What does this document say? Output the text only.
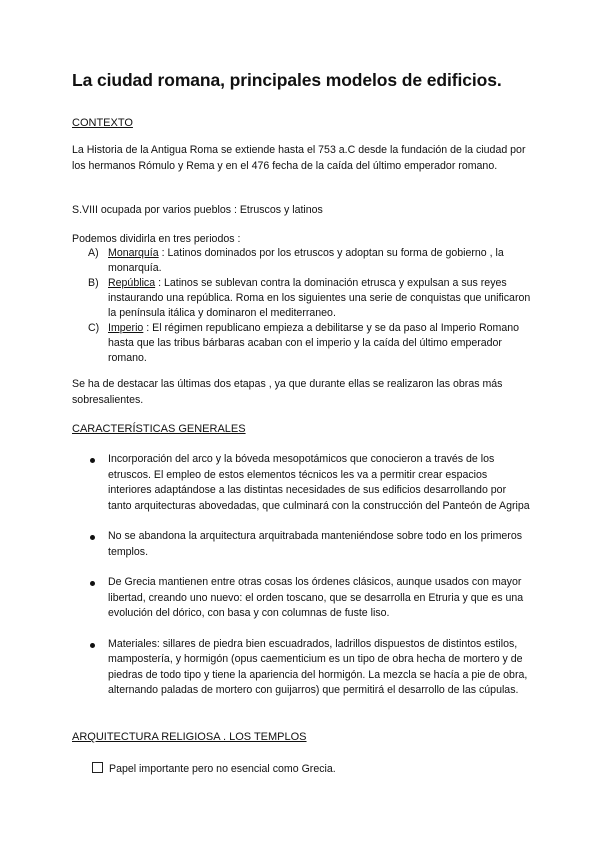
La ciudad romana, principales modelos de edificios.
CONTEXTO

La Historia de la Antigua Roma se extiende hasta el 753 a.C desde la fundación de la ciudad por los hermanos Rómulo y Rema y en el 476 fecha de la caída del último emperador romano.

S.VIII ocupada por varios pueblos : Etruscos y latinos

Podemos dividirla en tres periodos :

A) Monarquía : Latinos dominados por los etruscos y adoptan su forma de gobierno , la monarquía.
B) República : Latinos se sublevan contra la dominación etrusca y expulsan a sus reyes instaurando una república. Roma en los siguientes una serie de conquistas que unificaron la península itálica y dominaron el mediterraneo.
C) Imperio : El régimen republicano empieza a debilitarse y se da paso al Imperio Romano hasta que las tribus bárbaras acaban con el imperio y la caída del último emperador romano.

Se ha de destacar las últimas dos etapas , ya que durante ellas se realizaron las obras más sobresalientes.

CARACTERÍSTICAS GENERALES
Incorporación del arco y la bóveda mesopotámicos que conocieron a través de los etruscos. El empleo de estos elementos técnicos les va a permitir crear espacios interiores adaptándose a las distintas necesidades de sus edificios desarrollando por tanto arquitecturas abovedadas, que culminará con la construcción del Panteón de Agripa
No se abandona la arquitectura arquitrabada manteniéndose sobre todo en los primeros templos.
De Grecia mantienen entre otras cosas los órdenes clásicos, aunque usados con mayor libertad, creando uno nuevo: el orden toscano, que se desarrolla en Etruria y que es una evolución del dórico, con basa y con columnas de fuste liso.
Materiales: sillares de piedra bien escuadrados, ladrillos dispuestos de distintos estilos, mampostería, y hormigón (opus caementicium es un tipo de obra hecha de mortero y de piedras de todo tipo y tiene la apariencia del hormigón. La mezcla se hacía a pie de obra, alternando paladas de mortero con guijarros) que permitirá el desarrollo de las cúpulas.
ARQUITECTURA RELIGIOSA . LOS TEMPLOS
Papel importante pero no esencial como Grecia.
